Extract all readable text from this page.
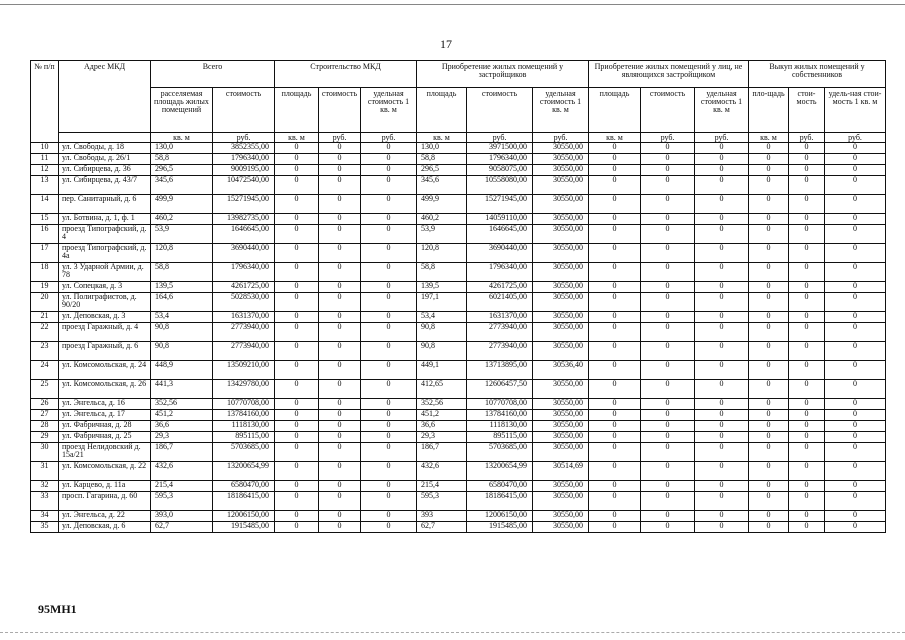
17
№ п/п	Адрес МКД	Всего		Строительство МКД			Приобретение жилых помещений у застройщиков			Приобретение жилых помещений у лиц, не являющихся застройщиком			Выкуп жилых помещений у собственников		
		расселяемая площадь жилых помещений	стоимость	площадь	стоимость	удельная стоимость 1 кв. м	площадь	стоимость	удельная стоимость 1 кв. м	площадь	стоимость	удельная стоимость 1 кв. м	пло-щадь	стои-мость	удель-ная стои-мость 1 кв. м
		кв. м	руб.	кв. м	руб.	руб.	кв. м	руб.	руб.	кв. м	руб.	руб.	кв. м	руб.	руб.
10	ул. Свободы, д. 18	130,0	3852355,00	0	0	0	130,0	3971500,00	30550,00	0	0	0	0	0	0
11	ул. Свободы, д. 26/1	58,8	1796340,00	0	0	0	58,8	1796340,00	30550,00	0	0	0	0	0	0
12	ул. Сибирцева, д. 36	296,5	9009195,00	0	0	0	296,5	9058075,00	30550,00	0	0	0	0	0	0
13	ул. Сибирцева, д. 43/7	345,6	10472540,00	0	0	0	345,6	10558080,00	30550,00	0	0	0	0	0	0
14	пер. Санитарный, д. 6	499,9	15271945,00	0	0	0	499,9	15271945,00	30550,00	0	0	0	0	0	0
15	ул. Ботвина, д. 1, ф. 1	460,2	13982735,00	0	0	0	460,2	14059110,00	30550,00	0	0	0	0	0	0
16	проезд Типографский, д. 4	53,9	1646645,00	0	0	0	53,9	1646645,00	30550,00	0	0	0	0	0	0
17	проезд Типографский, д. 4а	120,8	3690440,00	0	0	0	120,8	3690440,00	30550,00	0	0	0	0	0	0
18	ул. 3 Ударной Армии, д. 78	58,8	1796340,00	0	0	0	58,8	1796340,00	30550,00	0	0	0	0	0	0
19	ул. Сопецкая, д. 3	139,5	4261725,00	0	0	0	139,5	4261725,00	30550,00	0	0	0	0	0	0
20	ул. Полиграфистов, д. 90/20	164,6	5028530,00	0	0	0	197,1	6021405,00	30550,00	0	0	0	0	0	0
21	ул. Деповская, д. 3	53,4	1631370,00	0	0	0	53,4	1631370,00	30550,00	0	0	0	0	0	0
22	проезд Гаражный, д. 4	90,8	2773940,00	0	0	0	90,8	2773940,00	30550,00	0	0	0	0	0	0
23	проезд Гаражный, д. 6	90,8	2773940,00	0	0	0	90,8	2773940,00	30550,00	0	0	0	0	0	0
24	ул. Комсомольская, д. 24	448,9	13509210,00	0	0	0	449,1	13713895,00	30536,40	0	0	0	0	0	0
25	ул. Комсомольская, д. 26	441,3	13429780,00	0	0	0	412,65	12606457,50	30550,00	0	0	0	0	0	0
26	ул. Энгельса, д. 16	352,56	10770708,00	0	0	0	352,56	10770708,00	30550,00	0	0	0	0	0	0
27	ул. Энгельса, д. 17	451,2	13784160,00	0	0	0	451,2	13784160,00	30550,00	0	0	0	0	0	0
28	ул. Фабричная, д. 28	36,6	1118130,00	0	0	0	36,6	1118130,00	30550,00	0	0	0	0	0	0
29	ул. Фабричная, д. 25	29,3	895115,00	0	0	0	29,3	895115,00	30550,00	0	0	0	0	0	0
30	проезд Нелидовский д. 15а/21	186,7	5703685,00	0	0	0	186,7	5703685,00	30550,00	0	0	0	0	0	0
31	ул. Комсомольская, д. 22	432,6	13200654,99	0	0	0	432,6	13200654,99	30514,69	0	0	0	0	0	0
32	ул. Карцево, д. 11а	215,4	6580470,00	0	0	0	215,4	6580470,00	30550,00	0	0	0	0	0	0
33	просп. Гагарина, д. 60	595,3	18186415,00	0	0	0	595,3	18186415,00	30550,00	0	0	0	0	0	0
34	ул. Энгельса, д. 22	393,0	12006150,00	0	0	0	393	12006150,00	30550,00	0	0	0	0	0	0
35	ул. Деповская, д. 6	62,7	1915485,00	0	0	0	62,7	1915485,00	30550,00	0	0	0	0	0	0
95МН1
